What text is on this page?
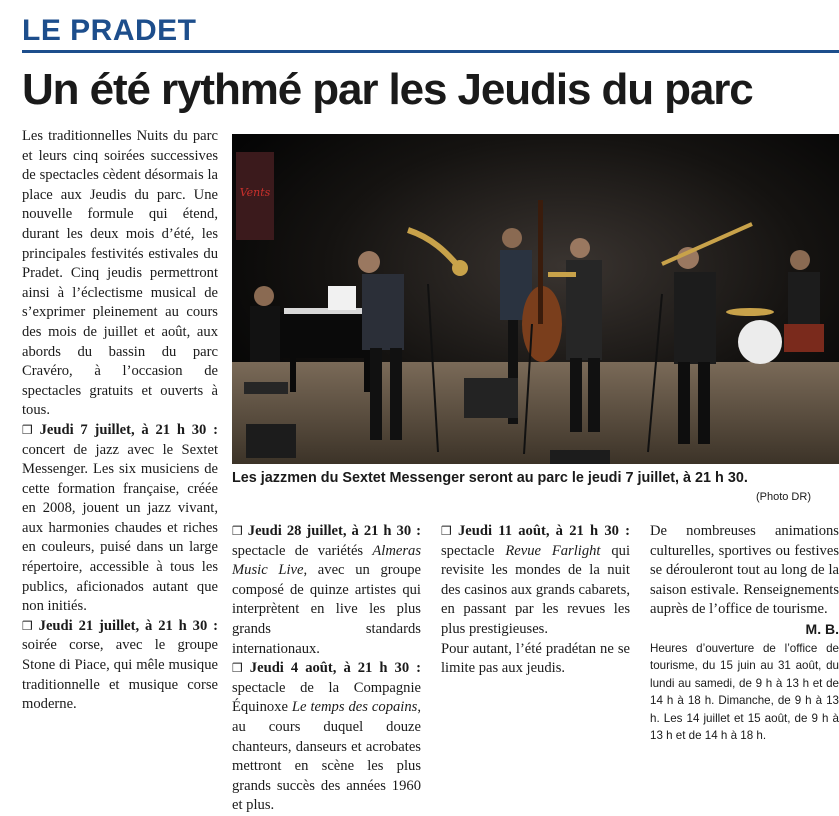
LE PRADET
Un été rythmé par les Jeudis du parc

Les traditionnelles Nuits du parc et leurs cinq soirées successives de spectacles cèdent désormais la place aux Jeudis du parc. Une nouvelle formule qui étend, durant les deux mois d’été, les principales festivités estivales du Pradet. Cinq jeudis permettront ainsi à l’éclectisme musical de s’exprimer pleinement au cours des mois de juillet et août, aux abords du bassin du parc Cravéro, à l’occasion de spectacles gratuits et ouverts à tous.

❒ Jeudi 7 juillet, à 21 h 30 : concert de jazz avec le Sextet Messenger. Les six musiciens de cette formation française, créée en 2008, jouent un jazz vivant, aux harmonies chaudes et riches en couleurs, puisé dans un large répertoire, accessible à tous les publics, aficionados autant que non initiés.

❒ Jeudi 21 juillet, à 21 h 30 : soirée corse, avec le groupe Stone di Piace, qui mêle musique traditionnelle et musique corse moderne.

Vents
Les jazzmen du Sextet Messenger seront au parc le jeudi 7 juillet, à 21 h 30.
(Photo DR)

❒ Jeudi 28 juillet, à 21 h 30 : spectacle de variétés Almeras Music Live, avec un groupe composé de quinze artistes qui interprètent en live les plus grands standards internationaux.

❒ Jeudi 4 août, à 21 h 30 : spectacle de la Compagnie Équinoxe Le temps des copains, au cours duquel douze chanteurs, danseurs et acrobates mettront en scène les plus grands succès des années 1960 et plus.

❒ Jeudi 11 août, à 21 h 30 : spectacle Revue Farlight qui revisite les mondes de la nuit des casinos aux grands cabarets, en passant par les revues les plus prestigieuses.

Pour autant, l’été pradétan ne se limite pas aux jeudis.

De nombreuses animations culturelles, sportives ou festives se dérouleront tout au long de la saison estivale. Renseignements auprès de l’office de tourisme.

M. B.

Heures d’ouverture de l’office de tourisme, du 15 juin au 31 août, du lundi au samedi, de 9 h à 13 h et de 14 h à 18 h. Dimanche, de 9 h à 13 h. Les 14 juillet et 15 août, de 9 h à 13 h et de 14 h à 18 h.
